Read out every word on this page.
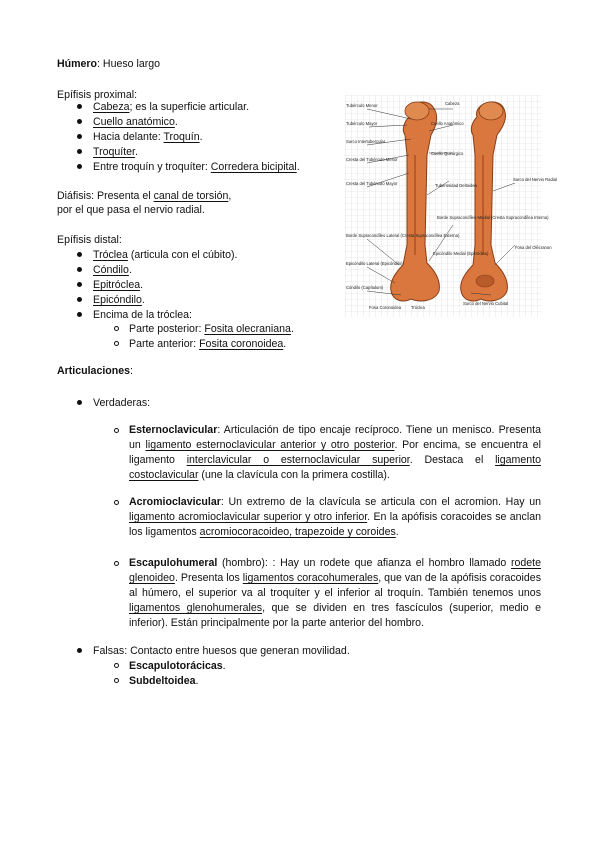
Húmero: Hueso largo
Epífisis proximal:
Cabeza; es la superficie articular.
Cuello anatómico.
Hacia delante: Troquín.
Troquíter.
Entre troquín y troquíter: Corredera bicipital.
Diáfisis: Presenta el canal de torsión,
por el que pasa el nervio radial.
Epífisis distal:
Tróclea (articula con el cúbito).
Cóndilo.
Epitróclea.
Epicóndilo.
Encima de la tróclea:
Parte posterior: Fosita olecraniana.
Parte anterior: Fosita coronoidea.
Tubérculo Menor
Tubérculo Mayor
Surco Intertubercular
Cresta del Tubérculo Menor
Cresta del Tubérculo Mayor
Borde Supracondíleo Lateral (Cresta Supracondílea Externa)
Epicóndilo Lateral (Epicóndilo)
Cóndilo (Capítulum)
Fosa Coronoidea Tróclea
Cabeza
Cuello Anatómico
Cuello Quirúrgico
Surco del Nervio Radial
Tuberosidad Deltoidea
Borde Supracondíleo Medial (Cresta Supracondílea Interna)
Epicóndilo Medial (Epitróclea)
Fosa del Olécranon
Surco del Nervio Cubital
Articulaciones:
Verdaderas:
Esternoclavicular: Articulación de tipo encaje recíproco. Tiene un menisco. Presenta un ligamento esternoclavicular anterior y otro posterior. Por encima, se encuentra el ligamento interclavicular o esternoclavicular superior. Destaca el ligamento costoclavicular (une la clavícula con la primera costilla).
Acromioclavicular: Un extremo de la clavícula se articula con el acromion. Hay un ligamento acromioclavicular superior y otro inferior. En la apófisis coracoides se anclan los ligamentos acromiocoracoideo, trapezoide y coroides.
Escapulohumeral (hombro): : Hay un rodete que afianza el hombro llamado rodete glenoideo. Presenta los ligamentos coracohumerales, que van de la apófisis coracoides al húmero, el superior va al troquíter y el inferior al troquín. También tenemos unos ligamentos glenohumerales, que se dividen en tres fascículos (superior, medio e inferior). Están principalmente por la parte anterior del hombro.
Falsas: Contacto entre huesos que generan movilidad.
Escapulotorácicas.
Subdeltoidea.
